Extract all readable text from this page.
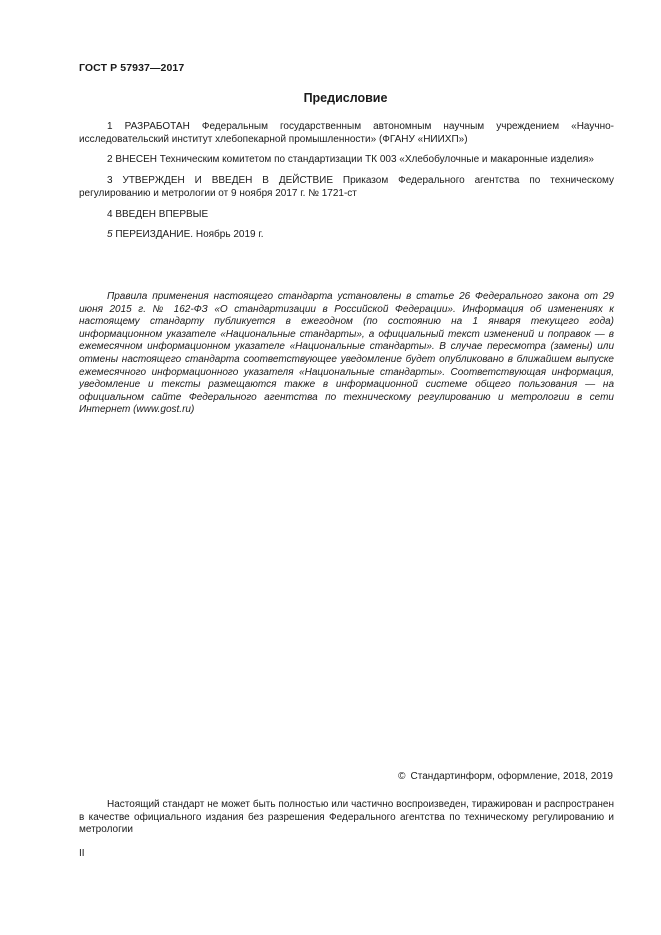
ГОСТ Р 57937—2017
Предисловие

1 РАЗРАБОТАН Федеральным государственным автономным научным учреждением «Научно-исследовательский институт хлебопекарной промышленности» (ФГАНУ «НИИХП»)

2 ВНЕСЕН Техническим комитетом по стандартизации ТК 003 «Хлебобулочные и макаронные изделия»

3 УТВЕРЖДЕН И ВВЕДЕН В ДЕЙСТВИЕ Приказом Федерального агентства по техническому регулированию и метрологии от 9 ноября 2017 г. № 1721-ст

4 ВВЕДЕН ВПЕРВЫЕ

5 ПЕРЕИЗДАНИЕ. Ноябрь 2019 г.

Правила применения настоящего стандарта установлены в статье 26 Федерального закона от 29 июня 2015 г. № 162-ФЗ «О стандартизации в Российской Федерации». Информация об изменениях к настоящему стандарту публикуется в ежегодном (по состоянию на 1 января текущего года) информационном указателе «Национальные стандарты», а официальный текст изменений и поправок — в ежемесячном информационном указателе «Национальные стандарты». В случае пересмотра (замены) или отмены настоящего стандарта соответствующее уведомление будет опубликовано в ближайшем выпуске ежемесячного информационного указателя «Национальные стандарты». Соответствующая информация, уведомление и тексты размещаются также в информационной системе общего пользования — на официальном сайте Федерального агентства по техническому регулированию и метрологии в сети Интернет (www.gost.ru)
© Стандартинформ, оформление, 2018, 2019
Настоящий стандарт не может быть полностью или частично воспроизведен, тиражирован и распространен в качестве официального издания без разрешения Федерального агентства по техническому регулированию и метрологии
II
